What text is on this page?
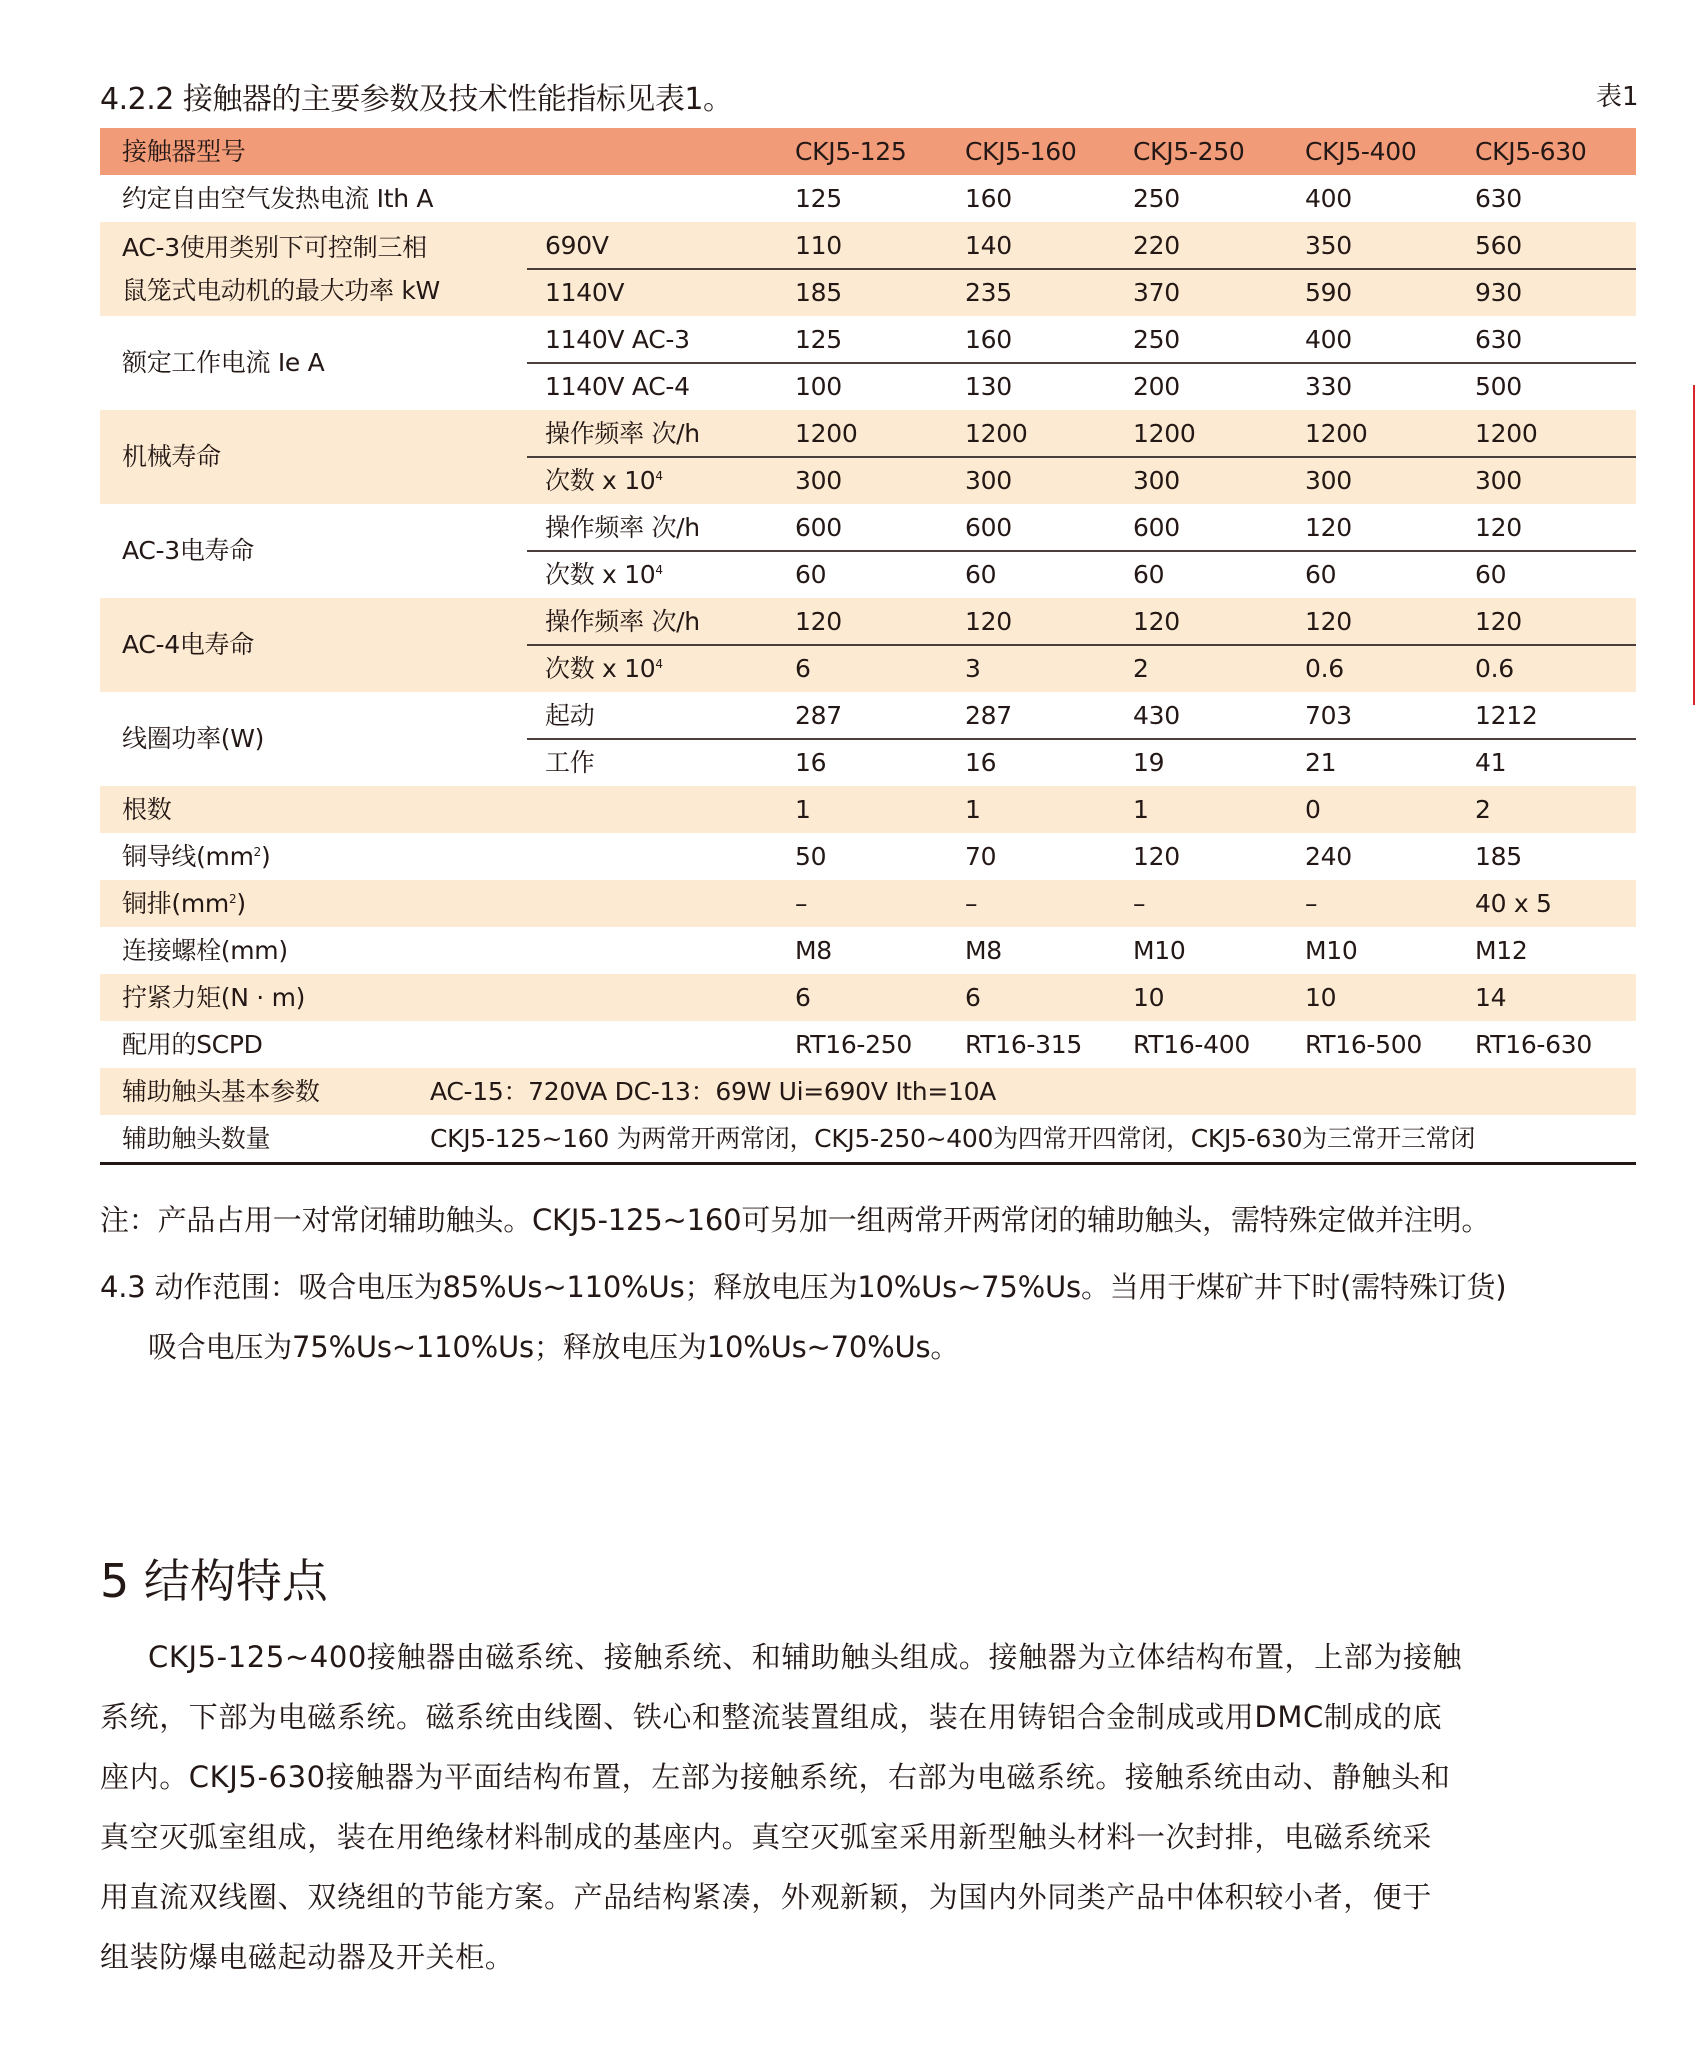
4.2.2 接触器的主要参数及技术性能指标见表1。	表1
接触器型号	CKJ5-125 CKJ5-160 CKJ5-250 CKJ5-400 CKJ5-630
约定自由空气发热电流 Ith A	125	160	250	400	630
AC-3使用类别下可控制三相
鼠笼式电动机的最大功率 kW
690V	110	140	220	350	560
1140V	185	235	370	590	930
额定工作电流 Ie A
1140V AC-3	125	160	250	400	630
1140V AC-4	100	130	200	330	500
机械寿命
操作频率 次/h	1200	1200	1200	1200	1200
次数 x $10^4$	300	300	300	300	300
AC-3电寿命
操作频率 次/h	600	600	600	120	120
次数 x $10^4$	60	60	60	60	60
AC-4电寿命
操作频率 次/h	120	120	120	120	120
次数 x $10^4$	6	3	2	0.6	0.6
线圈功率(W)
起动	287	287	430	703	1212
工作	16	16	19	21	41
根数	1	1	1	0	2
铜导线$(mm^2)$	50	70	120	240	185
铜排$(mm^2)$	–	–	–	–	40 x 5
连接螺栓(mm)	M8	M8	M10	M10	M12
拧紧力矩(N · m)	6	6	10	10	14
配用的SCPD	RT16-250 RT16-315 RT16-400 RT16-500 RT16-630
辅助触头基本参数	AC-15：720VA DC-13：69W Ui=690V Ith=10A
辅助触头数量	CKJ5-125~160 为两常开两常闭，CKJ5-250~400为四常开四常闭，CKJ5-630为三常开三常闭
注：产品占用一对常闭辅助触头。CKJ5-125~160可另加一组两常开两常闭的辅助触头，需特殊定做并注明。
4.3 动作范围：吸合电压为85%Us~110%Us；释放电压为10%Us~75%Us。当用于煤矿井下时(需特殊订货)
吸合电压为75%Us~110%Us；释放电压为10%Us~70%Us。
5 结构特点
CKJ5-125~400接触器由磁系统、接触系统、和辅助触头组成。接触器为立体结构布置，上部为接触
系统，下部为电磁系统。磁系统由线圈、铁心和整流装置组成，装在用铸铝合金制成或用DMC制成的底
座内。CKJ5-630接触器为平面结构布置，左部为接触系统，右部为电磁系统。接触系统由动、静触头和
真空灭弧室组成，装在用绝缘材料制成的基座内。真空灭弧室采用新型触头材料一次封排，电磁系统采
用直流双线圈、双绕组的节能方案。产品结构紧凑，外观新颖，为国内外同类产品中体积较小者，便于
组装防爆电磁起动器及开关柜。
